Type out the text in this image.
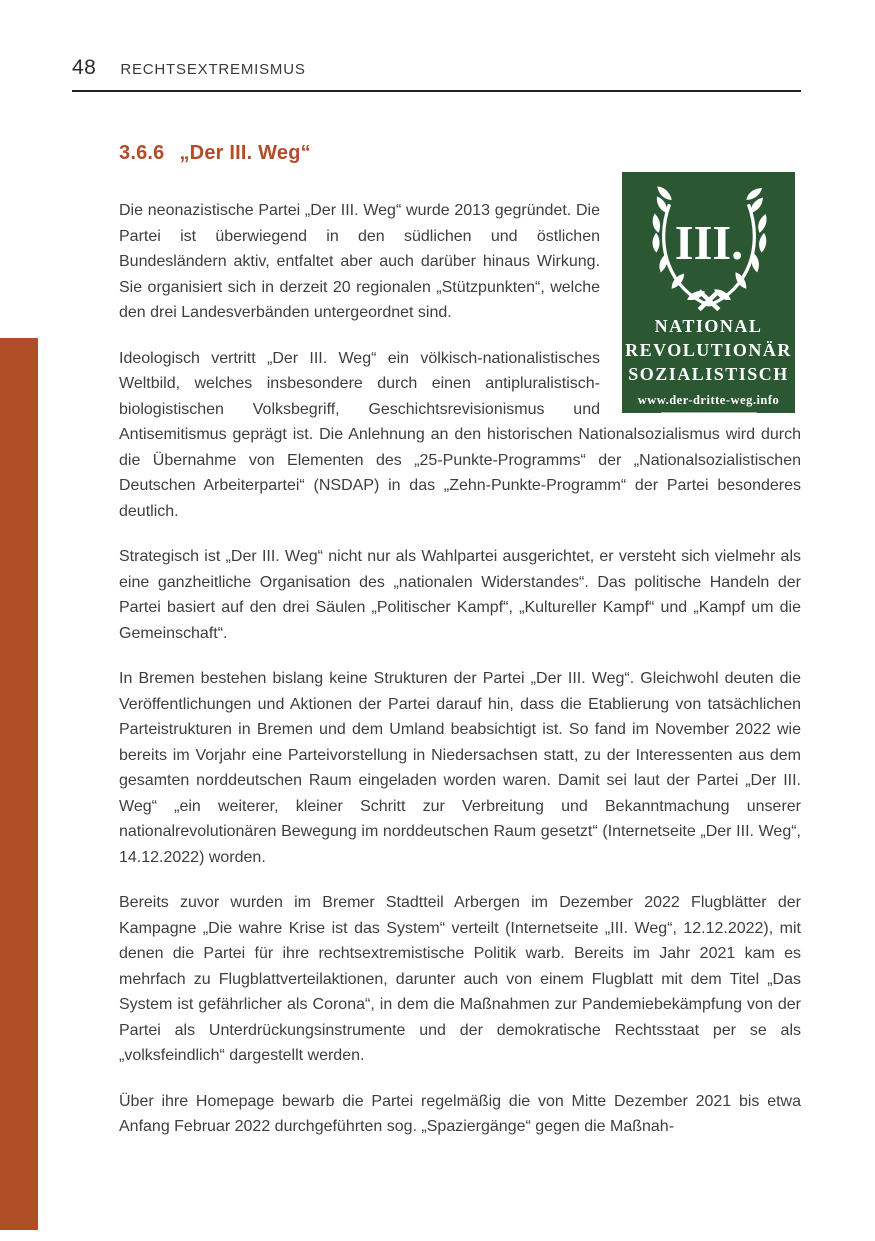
48 RECHTSEXTREMISMUS
3.6.6 „Der III. Weg“

Die neonazistische Partei „Der III. Weg“ wurde 2013 gegründet. Die Partei ist überwiegend in den südlichen und östlichen Bundesländern aktiv, entfaltet aber auch darüber hinaus Wirkung. Sie organisiert sich in derzeit 20 regionalen „Stützpunkten“, welche den drei Landesverbänden untergeordnet sind.

Ideologisch vertritt „Der III. Weg“ ein völkisch-nationalistisches Weltbild, welches insbesondere durch einen antipluralistisch-biologistischen Volksbegriff, Geschichtsrevisionismus und Antisemitismus geprägt ist. Die Anlehnung an den historischen Nationalsozialismus wird durch die Übernahme von Elementen des „25-Punkte-Programms“ der „Nationalsozialistischen Deutschen Arbeiterpartei“ (NSDAP) in das „Zehn-Punkte-Programm“ der Partei besonderes deutlich.

Strategisch ist „Der III. Weg“ nicht nur als Wahlpartei ausgerichtet, er versteht sich vielmehr als eine ganzheitliche Organisation des „nationalen Widerstandes“. Das politische Handeln der Partei basiert auf den drei Säulen „Politischer Kampf“, „Kultureller Kampf“ und „Kampf um die Gemeinschaft“.

In Bremen bestehen bislang keine Strukturen der Partei „Der III. Weg“. Gleichwohl deuten die Veröffentlichungen und Aktionen der Partei darauf hin, dass die Etablierung von tatsächlichen Parteistrukturen in Bremen und dem Umland beabsichtigt ist. So fand im November 2022 wie bereits im Vorjahr eine Parteivorstellung in Niedersachsen statt, zu der Interessenten aus dem gesamten norddeutschen Raum eingeladen worden waren. Damit sei laut der Partei „Der III. Weg“ „ein weiterer, kleiner Schritt zur Verbreitung und Bekanntmachung unserer nationalrevolutionären Bewegung im norddeutschen Raum gesetzt“ (Internetseite „Der III. Weg“, 14.12.2022) worden.

Bereits zuvor wurden im Bremer Stadtteil Arbergen im Dezember 2022 Flugblätter der Kampagne „Die wahre Krise ist das System“ verteilt (Internetseite „III. Weg“, 12.12.2022), mit denen die Partei für ihre rechtsextremistische Politik warb. Bereits im Jahr 2021 kam es mehrfach zu Flugblattverteilaktionen, darunter auch von einem Flugblatt mit dem Titel „Das System ist gefährlicher als Corona“, in dem die Maßnahmen zur Pandemiebekämpfung von der Partei als Unterdrückungsinstrumente und der demokratische Rechtsstaat per se als „volksfeindlich“ dargestellt werden.

Über ihre Homepage bewarb die Partei regelmäßig die von Mitte Dezember 2021 bis etwa Anfang Februar 2022 durchgeführten sog. „Spaziergänge“ gegen die Maßnah-

III.
NATIONAL
REVOLUTIONÄR
SOZIALISTISCH
www.der-dritte-weg.info
